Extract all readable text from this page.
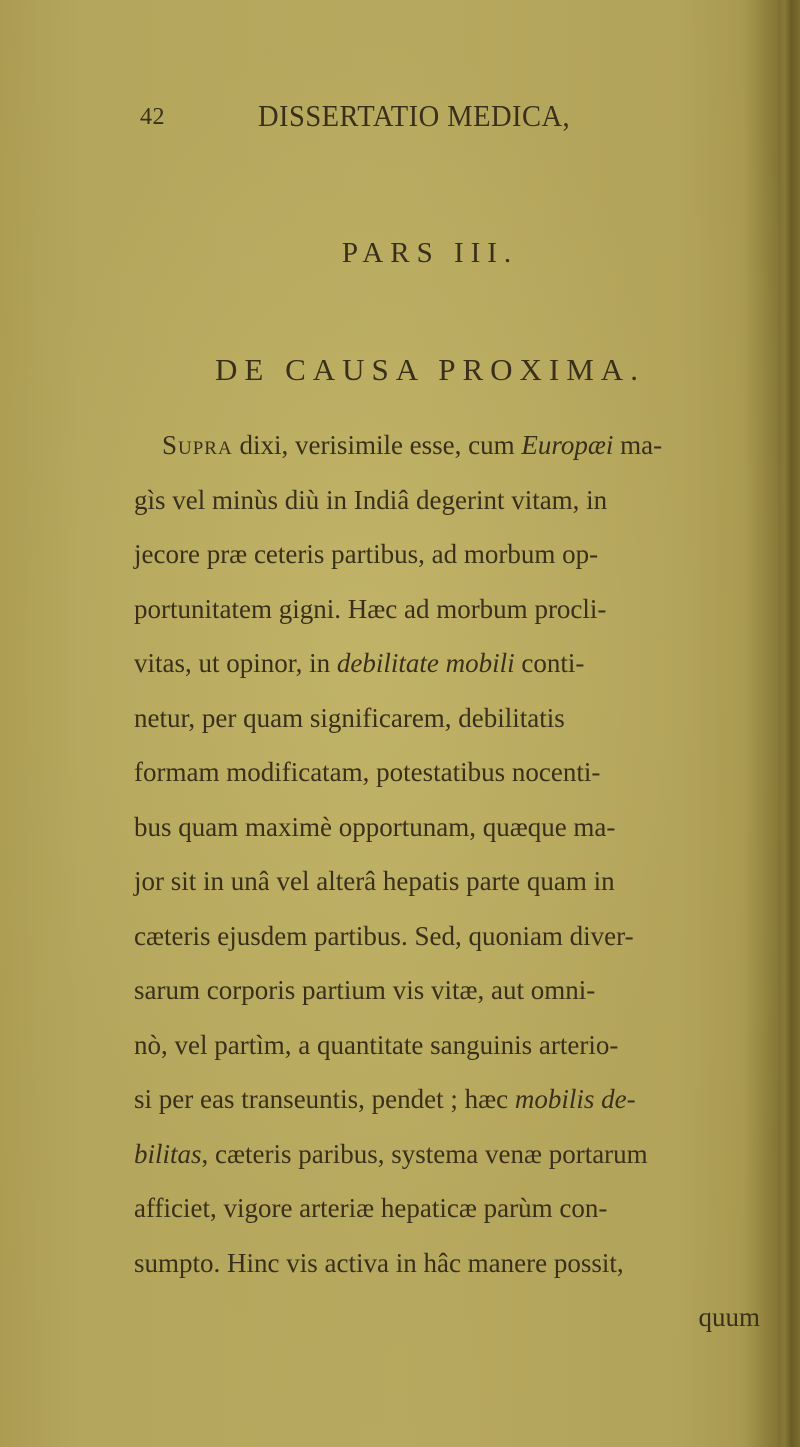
42	DISSERTATIO MEDICA,
PARS III.
DE CAUSA PROXIMA.
Supra dixi, verisimile esse, cum Europæi ma-
gìs vel minùs diù in Indiâ degerint vitam, in
jecore præ ceteris partibus, ad morbum op-
portunitatem gigni. Hæc ad morbum procli-
vitas, ut opinor, in debilitate mobili conti-
netur, per quam significarem, debilitatis
formam modificatam, potestatibus nocenti-
bus quam maximè opportunam, quæque ma-
jor sit in unâ vel alterâ hepatis parte quam in
cæteris ejusdem partibus. Sed, quoniam diver-
sarum corporis partium vis vitæ, aut omni-
nò, vel partìm, a quantitate sanguinis arterio-
si per eas transeuntis, pendet ; hæc mobilis de-
bilitas, cæteris paribus, systema venæ portarum
afficiet, vigore arteriæ hepaticæ parùm con-
sumpto. Hinc vis activa in hâc manere possit,
quum
